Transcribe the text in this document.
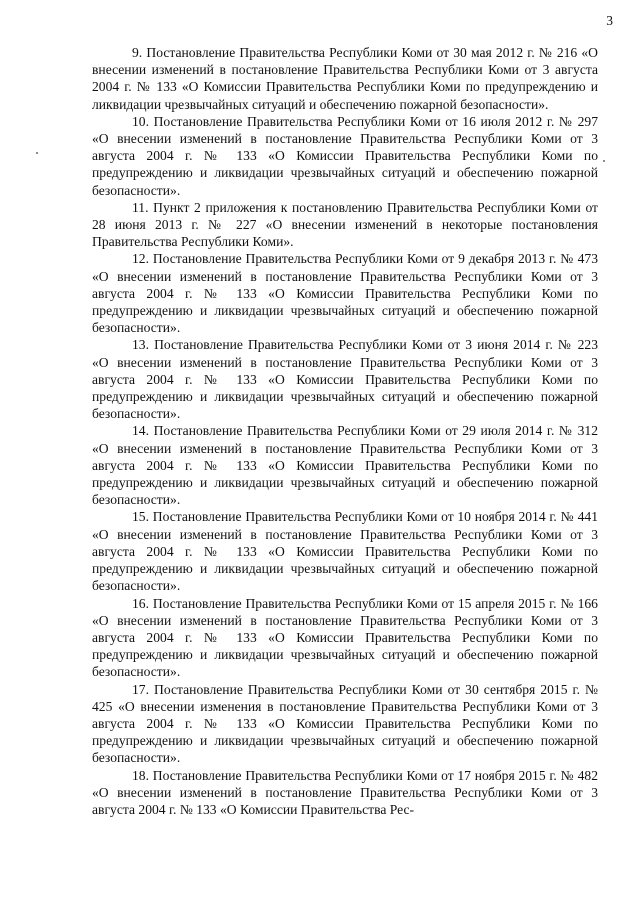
3

9. Постановление Правительства Республики Коми от 30 мая 2012 г. № 216 «О внесении изменений в постановление Правительства Республики Коми от 3 августа 2004 г. № 133 «О Комиссии Правительства Республики Коми по предупреждению и ликвидации чрезвычайных ситуаций и обеспечению пожарной безопасности».

10. Постановление Правительства Республики Коми от 16 июля 2012 г. № 297 «О внесении изменений в постановление Правительства Республики Коми от 3 августа 2004 г. № 133 «О Комиссии Правительства Республики Коми по предупреждению и ликвидации чрезвычайных ситуаций и обеспечению пожарной безопасности».

11. Пункт 2 приложения к постановлению Правительства Республики Коми от 28 июня 2013 г. № 227 «О внесении изменений в некоторые постановления Правительства Республики Коми».

12. Постановление Правительства Республики Коми от 9 декабря 2013 г. № 473 «О внесении изменений в постановление Правительства Республики Коми от 3 августа 2004 г. № 133 «О Комиссии Правительства Республики Коми по предупреждению и ликвидации чрезвычайных ситуаций и обеспечению пожарной безопасности».

13. Постановление Правительства Республики Коми от 3 июня 2014 г. № 223 «О внесении изменений в постановление Правительства Республики Коми от 3 августа 2004 г. № 133 «О Комиссии Правительства Республики Коми по предупреждению и ликвидации чрезвычайных ситуаций и обеспечению пожарной безопасности».

14. Постановление Правительства Республики Коми от 29 июля 2014 г. № 312 «О внесении изменений в постановление Правительства Республики Коми от 3 августа 2004 г. № 133 «О Комиссии Правительства Республики Коми по предупреждению и ликвидации чрезвычайных ситуаций и обеспечению пожарной безопасности».

15. Постановление Правительства Республики Коми от 10 ноября 2014 г. № 441 «О внесении изменений в постановление Правительства Республики Коми от 3 августа 2004 г. № 133 «О Комиссии Правительства Республики Коми по предупреждению и ликвидации чрезвычайных ситуаций и обеспечению пожарной безопасности».

16. Постановление Правительства Республики Коми от 15 апреля 2015 г. № 166 «О внесении изменений в постановление Правительства Республики Коми от 3 августа 2004 г. № 133 «О Комиссии Правительства Республики Коми по предупреждению и ликвидации чрезвычайных ситуаций и обеспечению пожарной безопасности».

17. Постановление Правительства Республики Коми от 30 сентября 2015 г. № 425 «О внесении изменения в постановление Правительства Республики Коми от 3 августа 2004 г. № 133 «О Комиссии Правительства Республики Коми по предупреждению и ликвидации чрезвычайных ситуаций и обеспечению пожарной безопасности».

18. Постановление Правительства Республики Коми от 17 ноября 2015 г. № 482 «О внесении изменений в постановление Правительства Республики Коми от 3 августа 2004 г. № 133 «О Комиссии Правительства Рес-
